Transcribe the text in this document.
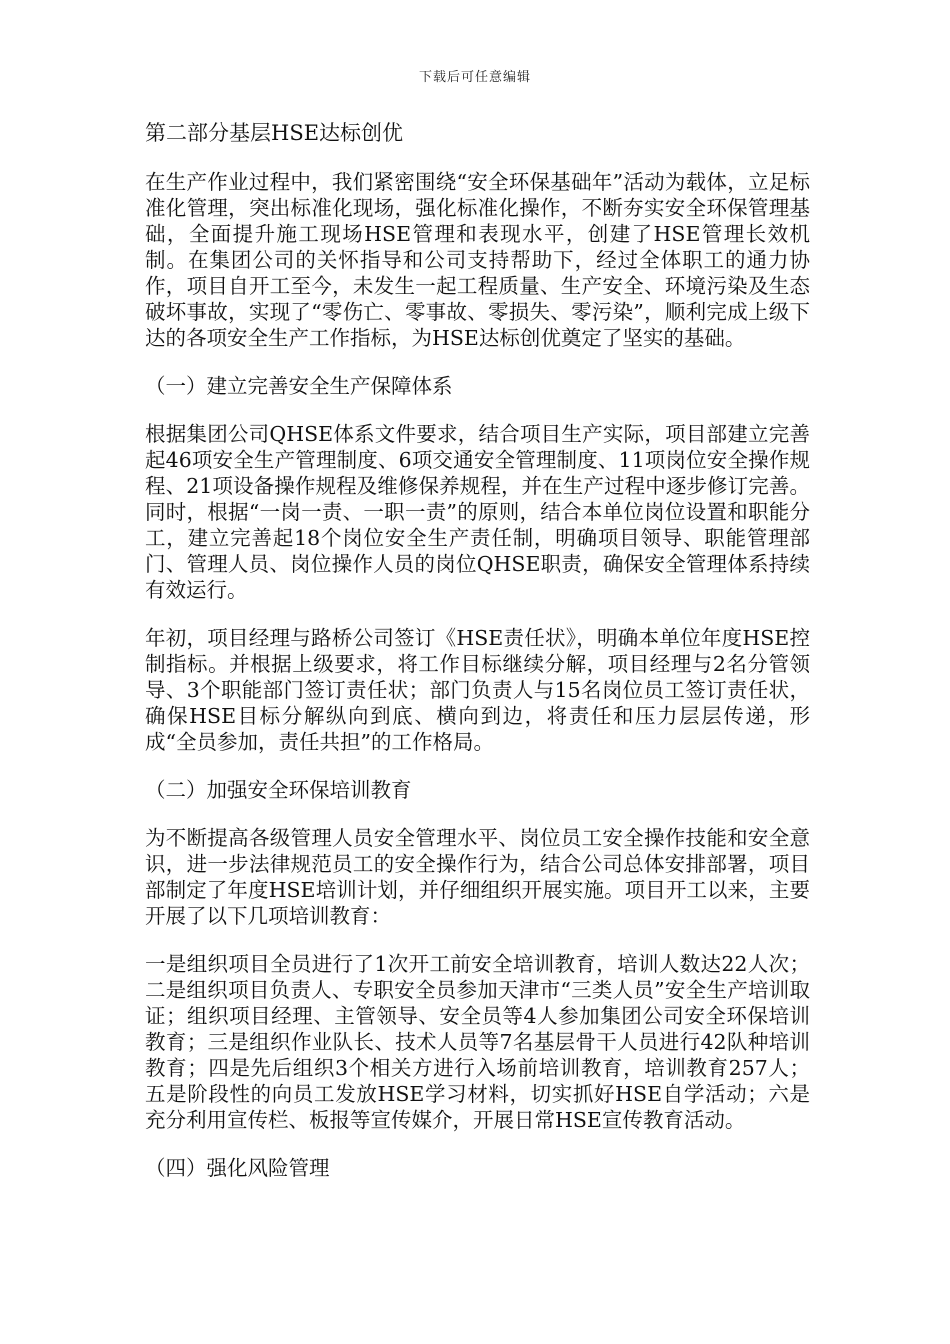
下载后可任意编辑
第二部分基层HSE达标创优

在生产作业过程中，我们紧密围绕“安全环保基础年”活动为载体，立足标准化管理，突出标准化现场，强化标准化操作，不断夯实安全环保管理基础，全面提升施工现场HSE管理和表现水平，创建了HSE管理长效机制。在集团公司的关怀指导和公司支持帮助下，经过全体职工的通力协作，项目自开工至今，未发生一起工程质量、生产安全、环境污染及生态破坏事故，实现了“零伤亡、零事故、零损失、零污染”，顺利完成上级下达的各项安全生产工作指标，为HSE达标创优奠定了坚实的基础。

（一）建立完善安全生产保障体系

根据集团公司QHSE体系文件要求，结合项目生产实际，项目部建立完善起46项安全生产管理制度、6项交通安全管理制度、11项岗位安全操作规程、21项设备操作规程及维修保养规程，并在生产过程中逐步修订完善。同时，根据“一岗一责、一职一责”的原则，结合本单位岗位设置和职能分工，建立完善起18个岗位安全生产责任制，明确项目领导、职能管理部门、管理人员、岗位操作人员的岗位QHSE职责，确保安全管理体系持续有效运行。

年初，项目经理与路桥公司签订《HSE责任状》，明确本单位年度HSE控制指标。并根据上级要求，将工作目标继续分解，项目经理与2名分管领导、3个职能部门签订责任状；部门负责人与15名岗位员工签订责任状，确保HSE目标分解纵向到底、横向到边，将责任和压力层层传递，形成“全员参加，责任共担”的工作格局。

（二）加强安全环保培训教育

为不断提高各级管理人员安全管理水平、岗位员工安全操作技能和安全意识，进一步法律规范员工的安全操作行为，结合公司总体安排部署，项目部制定了年度HSE培训计划，并仔细组织开展实施。项目开工以来，主要开展了以下几项培训教育：

一是组织项目全员进行了1次开工前安全培训教育，培训人数达22人次；二是组织项目负责人、专职安全员参加天津市“三类人员”安全生产培训取证；组织项目经理、主管领导、安全员等4人参加集团公司安全环保培训教育；三是组织作业队长、技术人员等7名基层骨干人员进行42队种培训教育；四是先后组织3个相关方进行入场前培训教育，培训教育257人；五是阶段性的向员工发放HSE学习材料，切实抓好HSE自学活动；六是充分利用宣传栏、板报等宣传媒介，开展日常HSE宣传教育活动。

（四）强化风险管理
